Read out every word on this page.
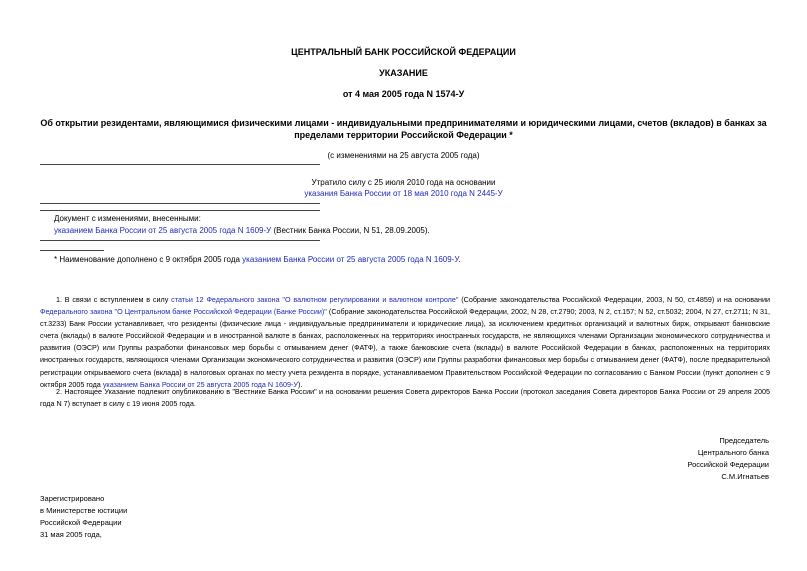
ЦЕНТРАЛЬНЫЙ БАНК РОССИЙСКОЙ ФЕДЕРАЦИИ
УКАЗАНИЕ
от 4 мая 2005 года N 1574-У
Об открытии резидентами, являющимися физическими лицами - индивидуальными предпринимателями и юридическими лицами, счетов (вкладов) в банках за
пределами территории Российской Федерации *
(с изменениями на 25 августа 2005 года)
Утратило силу с 25 июля 2010 года на основании
указания Банка России от 18 мая 2010 года N 2445-У
Документ с изменениями, внесенными:
указанием Банка России от 25 августа 2005 года N 1609-У (Вестник Банка России, N 51, 28.09.2005).
* Наименование дополнено с 9 октября 2005 года указанием Банка России от 25 августа 2005 года N 1609-У.
1. В связи с вступлением в силу статьи 12 Федерального закона "О валютном регулировании и валютном контроле" (Собрание законодательства Российской Федерации, 2003, N 50, ст.4859) и на основании Федерального закона "О Центральном банке Российской Федерации (Банке России)" (Собрание законодательства Российской Федерации, 2002, N 28, ст.2790; 2003, N 2, ст.157; N 52, ст.5032; 2004, N 27, ст.2711; N 31, ст.3233) Банк России устанавливает, что резиденты (физические лица - индивидуальные предприниматели и юридические лица), за исключением кредитных организаций и валютных бирж, открывают банковские счета (вклады) в валюте Российской Федерации и в иностранной валюте в банках, расположенных на территориях иностранных государств, не являющихся членами Организации экономического сотрудничества и развития (ОЭСР) или Группы разработки финансовых мер борьбы с отмыванием денег (ФАТФ), а также банковские счета (вклады) в валюте Российской Федерации в банках, расположенных на территориях иностранных государств, являющихся членами Организации экономического сотрудничества и развития (ОЭСР) или Группы разработки финансовых мер борьбы с отмыванием денег (ФАТФ), после предварительной регистрации открываемого счета (вклада) в налоговых органах по месту учета резидента в порядке, устанавливаемом Правительством Российской Федерации по согласованию с Банком России (пункт дополнен с 9 октября 2005 года указанием Банка России от 25 августа 2005 года N 1609-У).
2. Настоящее Указание подлежит опубликованию в "Вестнике Банка России" и на основании решения Совета директоров Банка России (протокол заседания Совета директоров Банка России от 29 апреля 2005 года N 7) вступает в силу с 19 июня 2005 года.
Председатель
Центрального банка
Российской Федерации
С.М.Игнатьев
Зарегистрировано
в Министерстве юстиции
Российской Федерации
31 мая 2005 года,
